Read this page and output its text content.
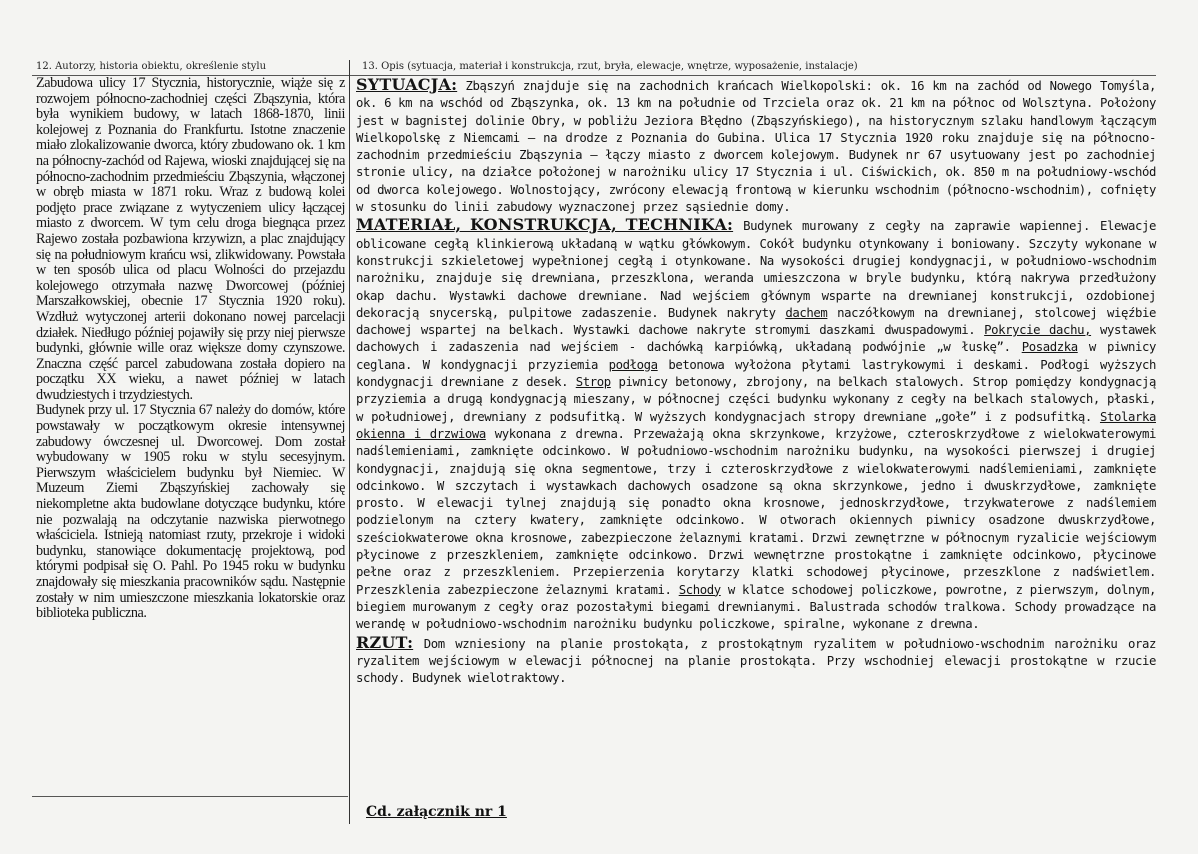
12. Autorzy, historia obiektu, określenie stylu	13. Opis (sytuacja, materiał i konstrukcja, rzut, bryła, elewacje, wnętrze, wyposażenie, instalacje)

Zabudowa ulicy 17 Stycznia, historycznie, wiąże się z rozwojem północno-zachodniej części Zbąszynia, która była wynikiem budowy, w latach 1868-1870, linii kolejowej z Poznania do Frankfurtu. Istotne znaczenie miało zlokalizowanie dworca, który zbudowano ok. 1 km na północny-zachód od Rajewa, wioski znajdującej się na północno-zachodnim przedmieściu Zbąszynia, włączonej w obręb miasta w 1871 roku. Wraz z budową kolei podjęto prace związane z wytyczeniem ulicy łączącej miasto z dworcem. W tym celu droga biegnąca przez Rajewo została pozbawiona krzywizn, a plac znajdujący się na południowym krańcu wsi, zlikwidowany. Powstała w ten sposób ulica od placu Wolności do przejazdu kolejowego otrzymała nazwę Dworcowej (później Marszałkowskiej, obecnie 17 Stycznia 1920 roku). Wzdłuż wytyczonej arterii dokonano nowej parcelacji działek. Niedługo później pojawiły się przy niej pierwsze budynki, głównie wille oraz większe domy czynszowe. Znaczna część parcel zabudowana została dopiero na początku XX wieku, a nawet później w latach dwudziestych i trzydziestych.

Budynek przy ul. 17 Stycznia 67 należy do domów, które powstawały w początkowym okresie intensywnej zabudowy ówczesnej ul. Dworcowej. Dom został wybudowany w 1905 roku w stylu secesyjnym. Pierwszym właścicielem budynku był Niemiec. W Muzeum Ziemi Zbąszyńskiej zachowały się niekompletne akta budowlane dotyczące budynku, które nie pozwalają na odczytanie nazwiska pierwotnego właściciela. Istnieją natomiast rzuty, przekroje i widoki budynku, stanowiące dokumentację projektową, pod którymi podpisał się O. Pahl. Po 1945 roku w budynku znajdowały się mieszkania pracowników sądu. Następnie zostały w nim umieszczone mieszkania lokatorskie oraz biblioteka publiczna.

SYTUACJA: Zbąszyń znajduje się na zachodnich krańcach Wielkopolski: ok. 16 km na zachód od Nowego Tomyśla, ok. 6 km na wschód od Zbąszynka, ok. 13 km na południe od Trzciela oraz ok. 21 km na północ od Wolsztyna. Położony jest w bagnistej dolinie Obry, w pobliżu Jeziora Błędno (Zbąszyńskiego), na historycznym szlaku handlowym łączącym Wielkopolskę z Niemcami – na drodze z Poznania do Gubina. Ulica 17 Stycznia 1920 roku znajduje się na północno-zachodnim przedmieściu Zbąszynia – łączy miasto z dworcem kolejowym. Budynek nr 67 usytuowany jest po zachodniej stronie ulicy, na działce położonej w narożniku ulicy 17 Stycznia i ul. Ciświckich, ok. 850 m na południowy-wschód od dworca kolejowego. Wolnostojący, zwrócony elewacją frontową w kierunku wschodnim (północno-wschodnim), cofnięty w stosunku do linii zabudowy wyznaczonej przez sąsiednie domy.

MATERIAŁ, KONSTRUKCJA, TECHNIKA: Budynek murowany z cegły na zaprawie wapiennej. Elewacje oblicowane cegłą klinkierową układaną w wątku główkowym. Cokół budynku otynkowany i boniowany. Szczyty wykonane w konstrukcji szkieletowej wypełnionej cegłą i otynkowane. Na wysokości drugiej kondygnacji, w południowo-wschodnim narożniku, znajduje się drewniana, przeszklona, weranda umieszczona w bryle budynku, którą nakrywa przedłużony okap dachu. Wystawki dachowe drewniane. Nad wejściem głównym wsparte na drewnianej konstrukcji, ozdobionej dekoracją snycerską, pulpitowe zadaszenie. Budynek nakryty dachem naczółkowym na drewnianej, stolcowej więźbie dachowej wspartej na belkach. Wystawki dachowe nakryte stromymi daszkami dwuspadowymi. Pokrycie dachu, wystawek dachowych i zadaszenia nad wejściem - dachówką karpiówką, układaną podwójnie „w łuskę”. Posadzka w piwnicy ceglana. W kondygnacji przyziemia podłoga betonowa wyłożona płytami lastrykowymi i deskami. Podłogi wyższych kondygnacji drewniane z desek. Strop piwnicy betonowy, zbrojony, na belkach stalowych. Strop pomiędzy kondygnacją przyziemia a drugą kondygnacją mieszany, w północnej części budynku wykonany z cegły na belkach stalowych, płaski, w południowej, drewniany z podsufitką. W wyższych kondygnacjach stropy drewniane „gołe” i z podsufitką. Stolarka okienna i drzwiowa wykonana z drewna. Przeważają okna skrzynkowe, krzyżowe, czteroskrzydłowe z wielokwaterowymi nadślemieniami, zamknięte odcinkowo. W południowo-wschodnim narożniku budynku, na wysokości pierwszej i drugiej kondygnacji, znajdują się okna segmentowe, trzy i czteroskrzydłowe z wielokwaterowymi nadślemieniami, zamknięte odcinkowo. W szczytach i wystawkach dachowych osadzone są okna skrzynkowe, jedno i dwuskrzydłowe, zamknięte prosto. W elewacji tylnej znajdują się ponadto okna krosnowe, jednoskrzydłowe, trzykwaterowe z nadślemiem podzielonym na cztery kwatery, zamknięte odcinkowo. W otworach okiennych piwnicy osadzone dwuskrzydłowe, sześciokwaterowe okna krosnowe, zabezpieczone żelaznymi kratami. Drzwi zewnętrzne w północnym ryzalicie wejściowym płycinowe z przeszkleniem, zamknięte odcinkowo. Drzwi wewnętrzne prostokątne i zamknięte odcinkowo, płycinowe pełne oraz z przeszkleniem. Przepierzenia korytarzy klatki schodowej płycinowe, przeszklone z nadświetlem. Przeszklenia zabezpieczone żelaznymi kratami. Schody w klatce schodowej policzkowe, powrotne, z pierwszym, dolnym, biegiem murowanym z cegły oraz pozostałymi biegami drewnianymi. Balustrada schodów tralkowa. Schody prowadzące na werandę w południowo-wschodnim narożniku budynku policzkowe, spiralne, wykonane z drewna.

RZUT: Dom wzniesiony na planie prostokąta, z prostokątnym ryzalitem w południowo-wschodnim narożniku oraz ryzalitem wejściowym w elewacji północnej na planie prostokąta. Przy wschodniej elewacji prostokątne w rzucie schody. Budynek wielotraktowy.

Cd. załącznik nr 1
